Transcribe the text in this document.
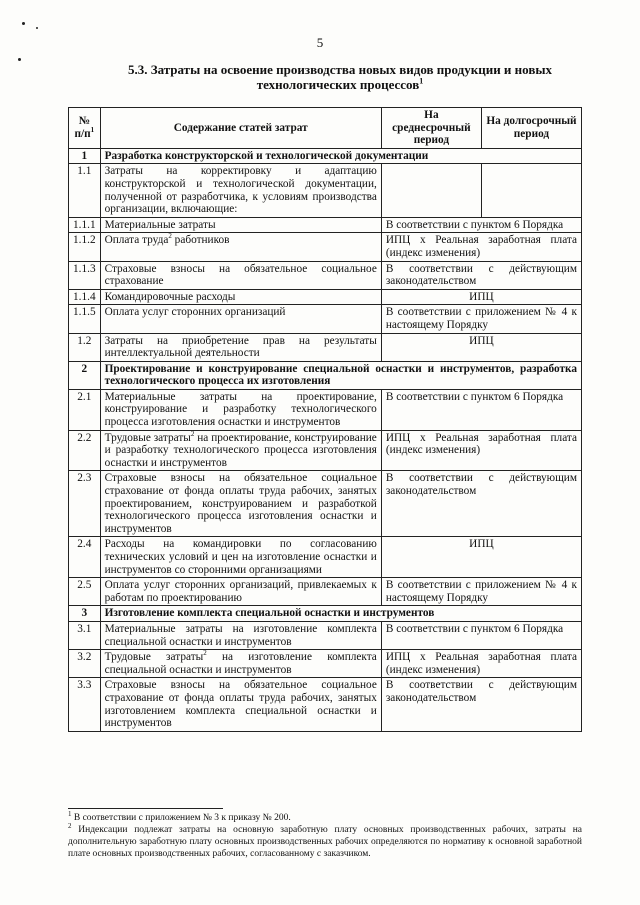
5
5.3. Затраты на освоение производства новых видов продукции и новых технологических процессов$^1$
№ $п/п^1$	Содержание статей затрат	На среднесрочный период	На долгосрочный период
1	Разработка конструкторской и технологической документации		
1.1	Затраты на корректировку и адаптацию конструкторской и технологической документации, полученной от разработчика, к условиям производства организации, включающие:		
1.1.1	Материальные затраты	В соответствии с пунктом 6 Порядка	
1.1.2	Оплата труда$^2$ работников	ИПЦ х Реальная заработная плата (индекс изменения)	
1.1.3	Страховые взносы на обязательное социальное страхование	В соответствии с действующим законодательством	
1.1.4	Командировочные расходы	ИПЦ	
1.1.5	Оплата услуг сторонних организаций	В соответствии с приложением № 4 к настоящему Порядку	
1.2	Затраты на приобретение прав на результаты интеллектуальной деятельности	ИПЦ	
2	Проектирование и конструирование специальной оснастки и инструментов, разработка технологического процесса их изготовления		
2.1	Материальные затраты на проектирование, конструирование и разработку технологического процесса изготовления оснастки и инструментов	В соответствии с пунктом 6 Порядка	
2.2	Трудовые затраты$^2$ на проектирование, конструирование и разработку технологического процесса изготовления оснастки и инструментов	ИПЦ х Реальная заработная плата (индекс изменения)	
2.3	Страховые взносы на обязательное социальное страхование от фонда оплаты труда рабочих, занятых проектированием, конструированием и разработкой технологического процесса изготовления оснастки и инструментов	В соответствии с действующим законодательством	
2.4	Расходы на командировки по согласованию технических условий и цен на изготовление оснастки и инструментов со сторонними организациями	ИПЦ	
2.5	Оплата услуг сторонних организаций, привлекаемых к работам по проектированию	В соответствии с приложением № 4 к настоящему Порядку	
3	Изготовление комплекта специальной оснастки и инструментов		
3.1	Материальные затраты на изготовление комплекта специальной оснастки и инструментов	В соответствии с пунктом 6 Порядка	
3.2	Трудовые затраты$^2$ на изготовление комплекта специальной оснастки и инструментов	ИПЦ х Реальная заработная плата (индекс изменения)	
3.3	Страховые взносы на обязательное социальное страхование от фонда оплаты труда рабочих, занятых изготовлением комплекта специальной оснастки и инструментов	В соответствии с действующим законодательством	

$^1$ В соответствии с приложением № 3 к приказу № 200.

$^2$ Индексации подлежат затраты на основную заработную плату основных производственных рабочих, затраты на дополнительную заработную плату основных производственных рабочих определяются по нормативу к основной заработной плате основных производственных рабочих, согласованному с заказчиком.
